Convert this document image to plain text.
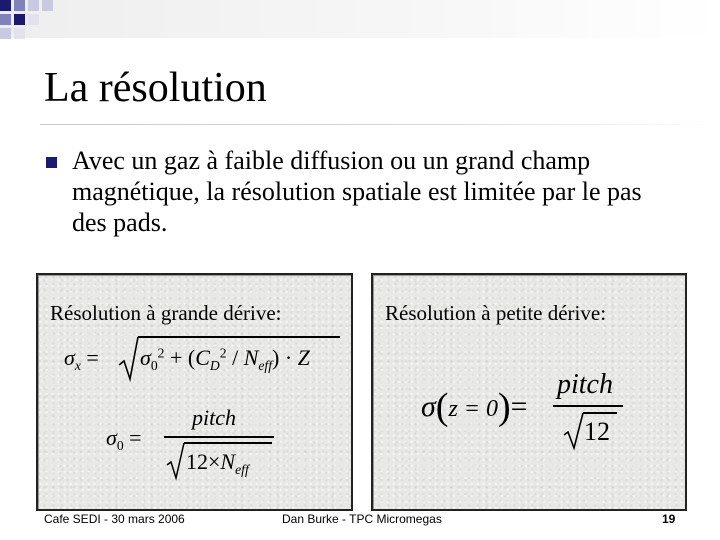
La résolution
Avec un gaz à faible diffusion ou un grand champ magnétique, la résolution spatiale est limitée par le pas des pads.
Résolution à grande dérive:
$\sigma_x = \sigma_0^2 + (C_D^2 / N_{eff}) \cdot Z$
$\sigma_0$ =
pitch
$12\times N_{eff}$
Résolution à petite dérive:
σ(z = 0)=
pitch
12
Cafe SEDI - 30 mars 2006	Dan Burke - TPC Micromegas	19
